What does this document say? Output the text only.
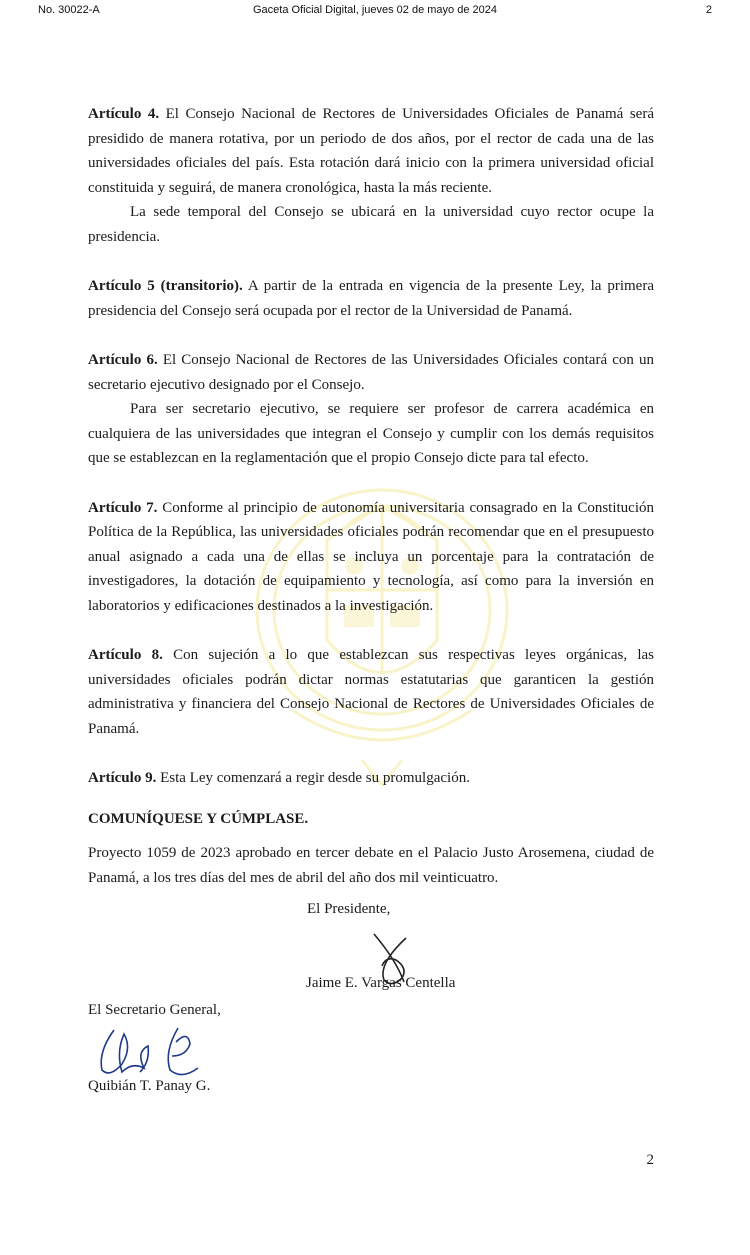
No. 30022-A	Gaceta Oficial Digital, jueves 02 de mayo de 2024	2

Artículo 4. El Consejo Nacional de Rectores de Universidades Oficiales de Panamá será presidido de manera rotativa, por un periodo de dos años, por el rector de cada una de las universidades oficiales del país. Esta rotación dará inicio con la primera universidad oficial constituida y seguirá, de manera cronológica, hasta la más reciente.

La sede temporal del Consejo se ubicará en la universidad cuyo rector ocupe la presidencia.

Artículo 5 (transitorio). A partir de la entrada en vigencia de la presente Ley, la primera presidencia del Consejo será ocupada por el rector de la Universidad de Panamá.

Artículo 6. El Consejo Nacional de Rectores de las Universidades Oficiales contará con un secretario ejecutivo designado por el Consejo.

Para ser secretario ejecutivo, se requiere ser profesor de carrera académica en cualquiera de las universidades que integran el Consejo y cumplir con los demás requisitos que se establezcan en la reglamentación que el propio Consejo dicte para tal efecto.

Artículo 7. Conforme al principio de autonomía universitaria consagrado en la Constitución Política de la República, las universidades oficiales podrán recomendar que en el presupuesto anual asignado a cada una de ellas se incluya un porcentaje para la contratación de investigadores, la dotación de equipamiento y tecnología, así como para la inversión en laboratorios y edificaciones destinados a la investigación.

Artículo 8. Con sujeción a lo que establezcan sus respectivas leyes orgánicas, las universidades oficiales podrán dictar normas estatutarias que garanticen la gestión administrativa y financiera del Consejo Nacional de Rectores de Universidades Oficiales de Panamá.

Artículo 9. Esta Ley comenzará a regir desde su promulgación.

COMUNÍQUESE Y CÚMPLASE.

Proyecto 1059 de 2023 aprobado en tercer debate en el Palacio Justo Arosemena, ciudad de Panamá, a los tres días del mes de abril del año dos mil veinticuatro.

El Presidente,
Jaime E. Vargas Centella
El Secretario General,
Quibián T. Panay G.
2
